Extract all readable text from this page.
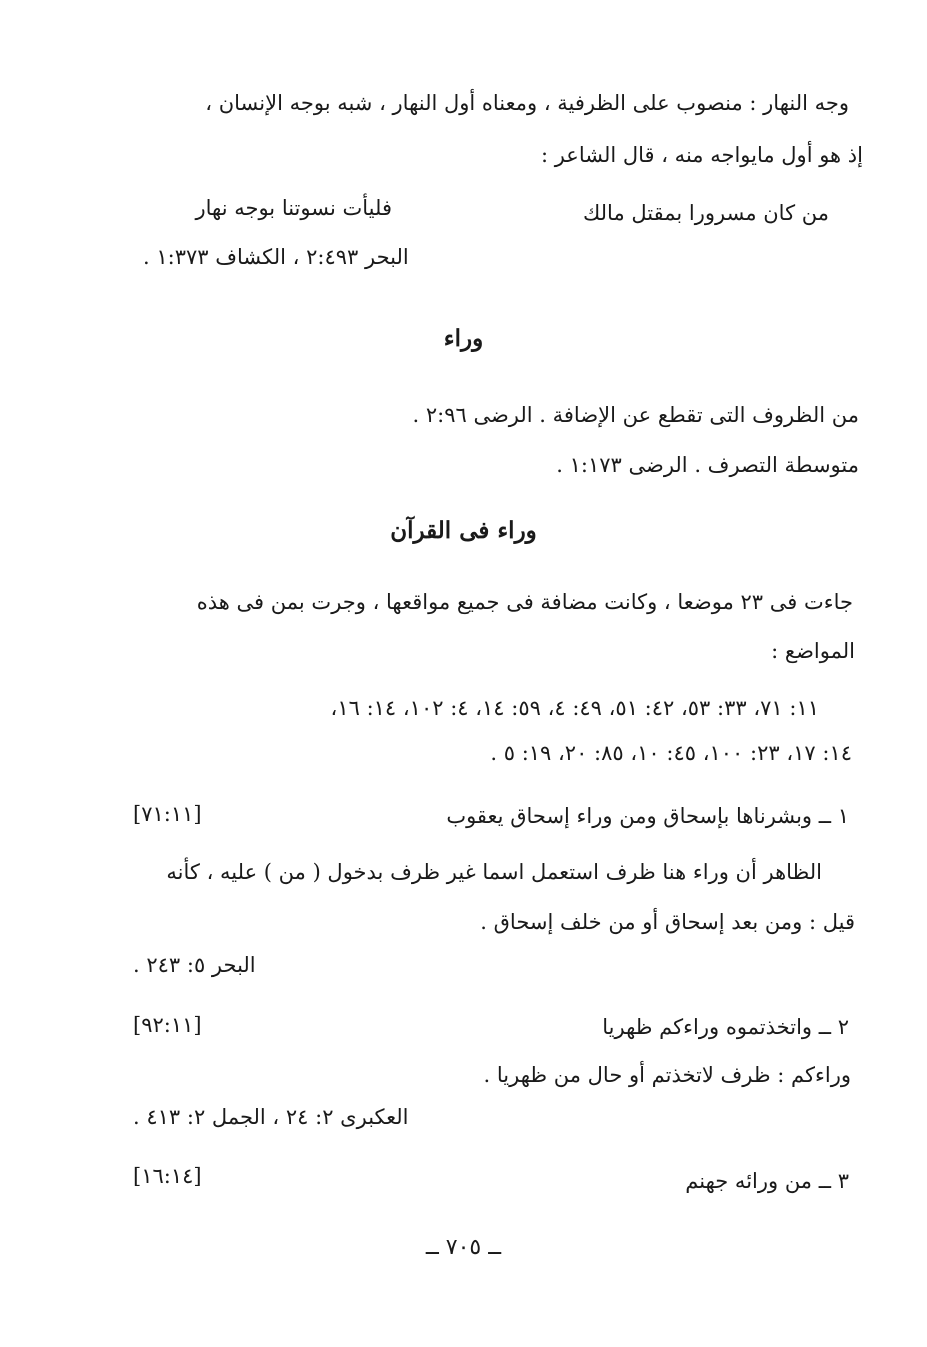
وجه النهار : منصوب على الظرفية ، ومعناه أول النهار ، شبه بوجه الإنسان ،
إذ هو أول مايواجه منه ، قال الشاعر :
من كان مسرورا بمقتل مالك
فليأت نسوتنا بوجه نهار
البحر ٢:٤٩٣ ، الكشاف ١:٣٧٣ .
وراء
من الظروف التى تقطع عن الإضافة . الرضى ٢:٩٦ .
متوسطة التصرف . الرضى ١:١٧٣ .
وراء فى القرآن
جاءت فى ٢٣ موضعا ، وكانت مضافة فى جميع مواقعها ، وجرت بمن فى هذه
المواضع :
١١: ٧١، ٣٣: ٥٣، ٤٢: ٥١، ٤٩: ٤، ٥٩: ١٤، ٤: ١٠٢، ١٤: ١٦،
١٤: ١٧، ٢٣: ١٠٠، ٤٥: ١٠، ٨٥: ٢٠، ١٩: ٥ .
١ ــ وبشرناها بإسحاق ومن وراء إسحاق يعقوب
[٧١:١١]
الظاهر أن وراء هنا ظرف استعمل اسما غير ظرف بدخول ( من ) عليه ، كأنه
قيل : ومن بعد إسحاق أو من خلف إسحاق .
البحر ٥: ٢٤٣ .
٢ ــ واتخذتموه وراءكم ظهريا
[٩٢:١١]
وراءكم : ظرف لاتخذتم أو حال من ظهريا .
العكبرى ٢: ٢٤ ، الجمل ٢: ٤١٣ .
٣ ــ من ورائه جهنم
[١٦:١٤]
ــ ٧٠٥ ــ
